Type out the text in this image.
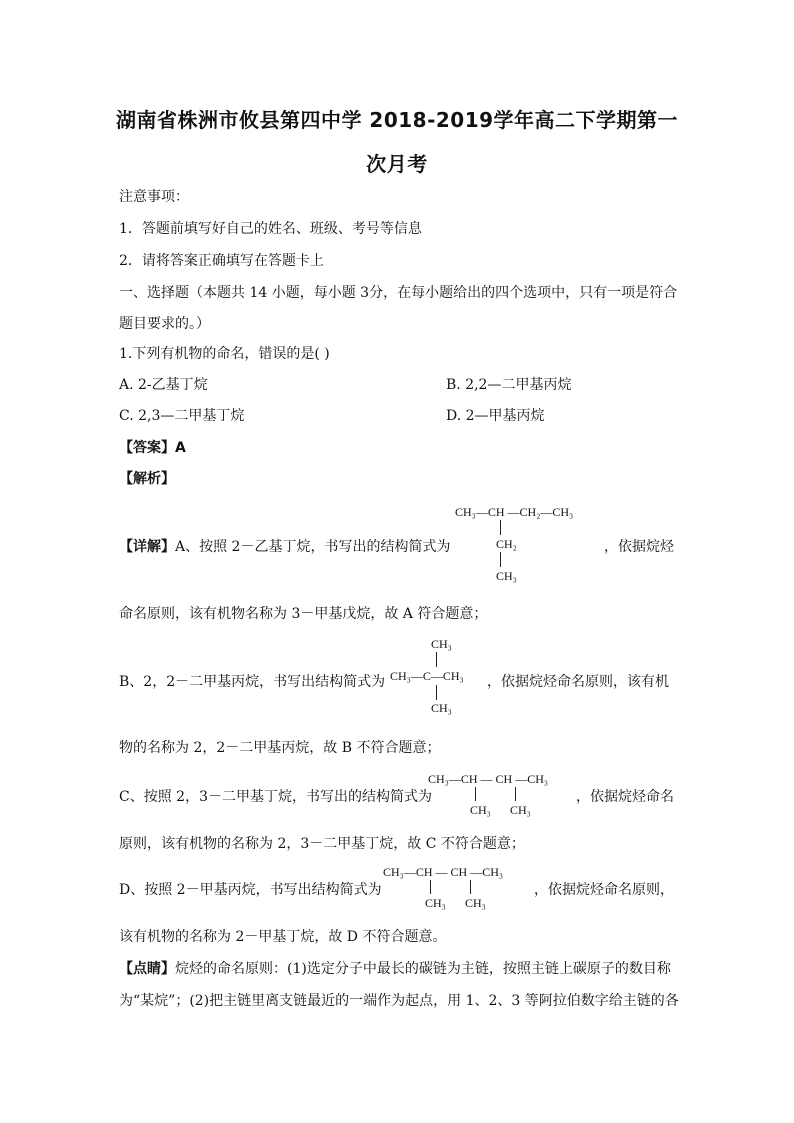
湖南省株洲市攸县第四中学 2018-2019学年高二下学期第一
次月考
注意事项：
1．答题前填写好自己的姓名、班级、考号等信息
2．请将答案正确填写在答题卡上
一、选择题（本题共 14 小题，每小题 3分，在每小题给出的四个选项中，只有一项是符合
题目要求的。）
1.下列有机物的命名，错误的是( )
A. 2-乙基丁烷	B. 2,2—二甲基丙烷
C. 2,3—二甲基丁烷	D. 2—甲基丙烷
【答案】A
【解析】
【详解】A、按照 2－乙基丁烷，书写出的结构简式为
CH₃—CH —CH₂—CH₃
CH₂
CH₃
，依据烷烃
命名原则，该有机物名称为 3－甲基戊烷，故 A 符合题意；
CH₃
B、2，2－二甲基丙烷，书写出结构简式为 CH₃—C—CH₃
CH₃
，依据烷烃命名原则，该有机
物的名称为 2，2－二甲基丙烷，故 B 不符合题意；
CH₃—CH — CH —CH₃
C、按照 2，3－二甲基丁烷，书写出的结构简式为
CH₃ CH₃
，依据烷烃命名
原则，该有机物的名称为 2，3－二甲基丁烷，故 C 不符合题意；
CH₃—CH — CH —CH₃
D、按照 2－甲基丙烷，书写出结构简式为
CH₃ CH₃
，依据烷烃命名原则，
该有机物的名称为 2－甲基丁烷，故 D 不符合题意。
【点睛】烷烃的命名原则：(1)选定分子中最长的碳链为主链，按照主链上碳原子的数目称
为“某烷”；(2)把主链里离支链最近的一端作为起点，用 1、2、3 等阿拉伯数字给主链的各
